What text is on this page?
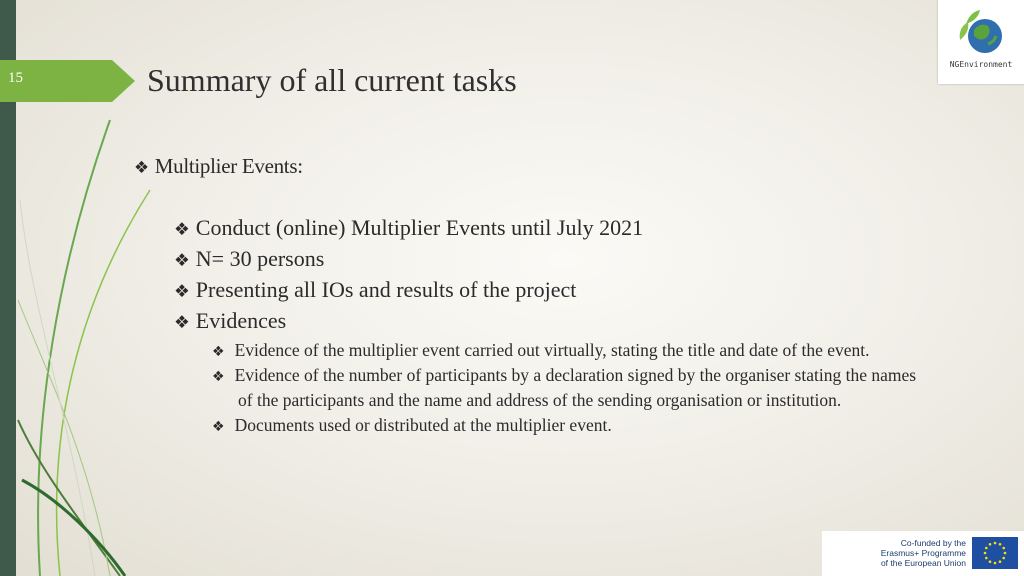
15	Summary of all current tasks	NGEnvironment
❖ Multiplier Events:
❖ Conduct (online) Multiplier Events until July 2021
❖ N= 30 persons
❖ Presenting all IOs and results of the project
❖ Evidences
❖ Evidence of the multiplier event carried out virtually, stating the title and date of the event.
❖ Evidence of the number of participants by a declaration signed by the organiser stating the names
of the participants and the name and address of the sending organisation or institution.
❖ Documents used or distributed at the multiplier event.
Co-funded by the
Erasmus+ Programme
of the European Union
